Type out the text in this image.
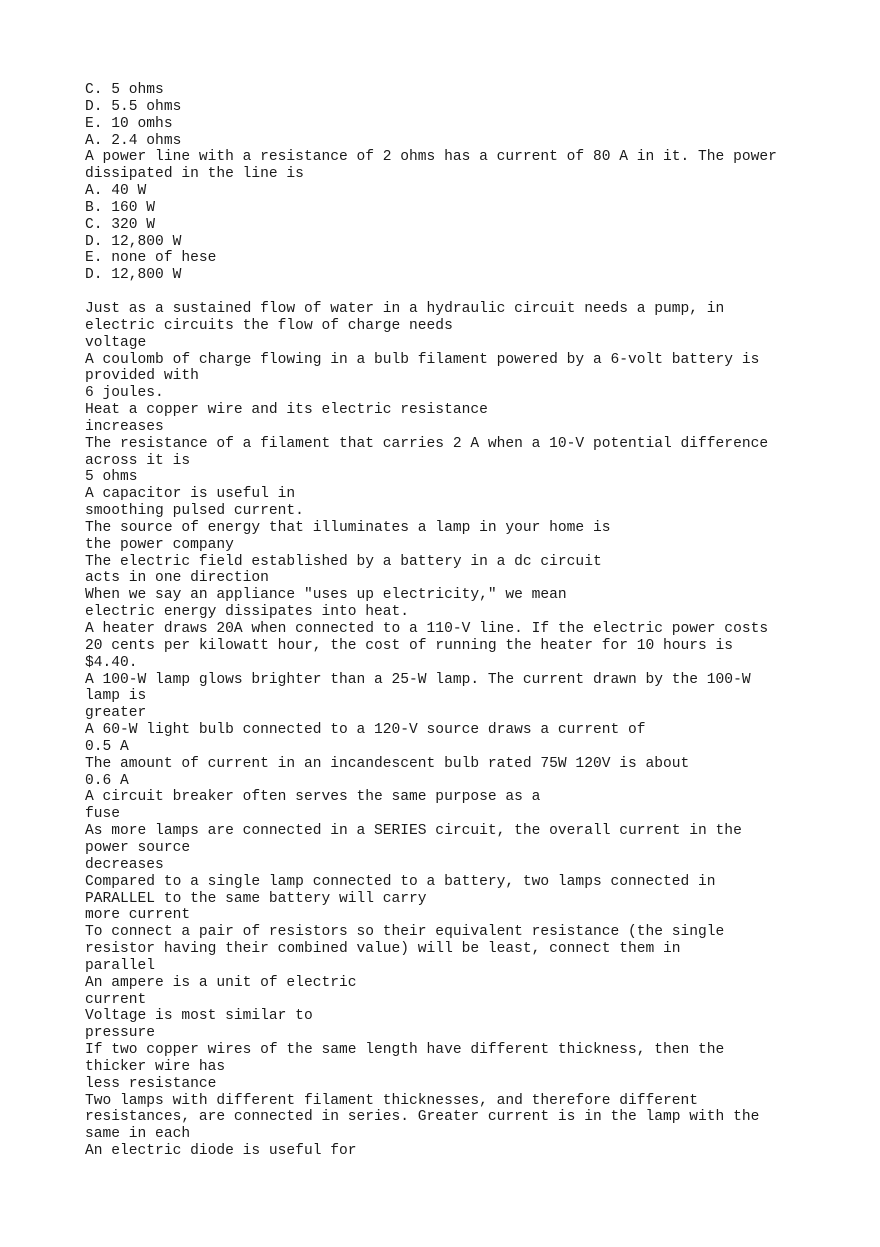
C. 5 ohms
D. 5.5 ohms
E. 10 omhs
A. 2.4 ohms
A power line with a resistance of 2 ohms has a current of 80 A in it. The power
dissipated in the line is
A. 40 W
B. 160 W
C. 320 W
D. 12,800 W
E. none of hese
D. 12,800 W
Just as a sustained flow of water in a hydraulic circuit needs a pump, in
electric circuits the flow of charge needs
voltage
A coulomb of charge flowing in a bulb filament powered by a 6-volt battery is
provided with
6 joules.
Heat a copper wire and its electric resistance
increases
The resistance of a filament that carries 2 A when a 10-V potential difference
across it is
5 ohms
A capacitor is useful in
smoothing pulsed current.
The source of energy that illuminates a lamp in your home is
the power company
The electric field established by a battery in a dc circuit
acts in one direction
When we say an appliance "uses up electricity," we mean
electric energy dissipates into heat.
A heater draws 20A when connected to a 110-V line. If the electric power costs
20 cents per kilowatt hour, the cost of running the heater for 10 hours is
$4.40.
A 100-W lamp glows brighter than a 25-W lamp. The current drawn by the 100-W
lamp is
greater
A 60-W light bulb connected to a 120-V source draws a current of
0.5 A
The amount of current in an incandescent bulb rated 75W 120V is about
0.6 A
A circuit breaker often serves the same purpose as a
fuse
As more lamps are connected in a SERIES circuit, the overall current in the
power source
decreases
Compared to a single lamp connected to a battery, two lamps connected in
PARALLEL to the same battery will carry
more current
To connect a pair of resistors so their equivalent resistance (the single
resistor having their combined value) will be least, connect them in
parallel
An ampere is a unit of electric
current
Voltage is most similar to
pressure
If two copper wires of the same length have different thickness, then the
thicker wire has
less resistance
Two lamps with different filament thicknesses, and therefore different
resistances, are connected in series. Greater current is in the lamp with the
same in each
An electric diode is useful for
